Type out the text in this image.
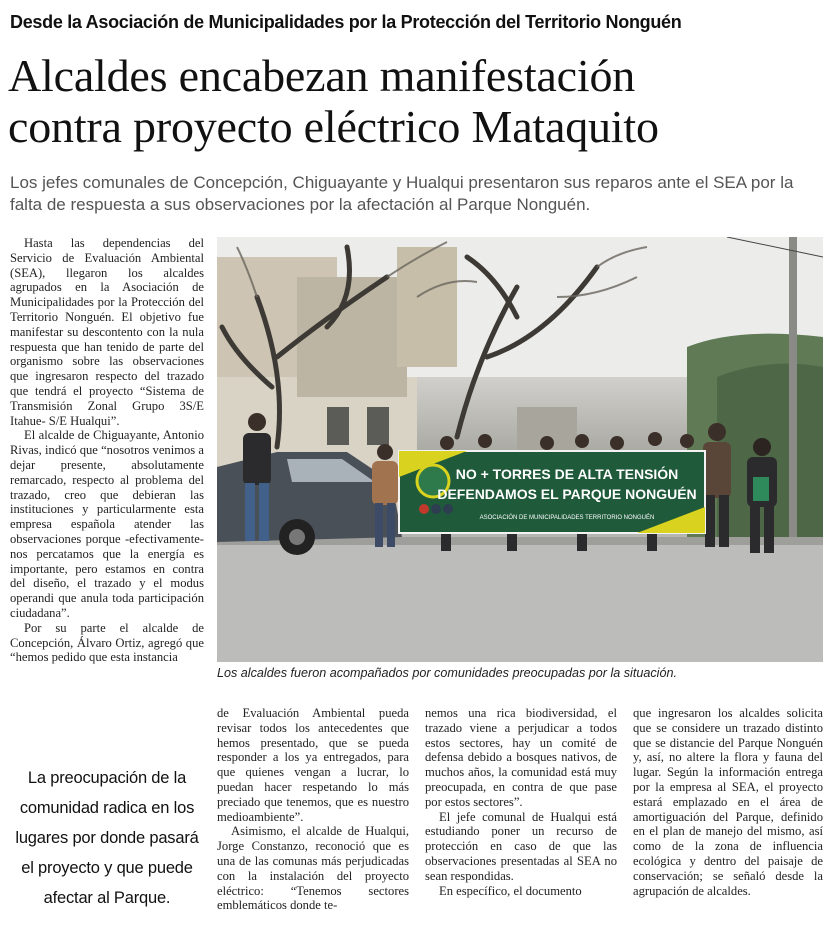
Desde la Asociación de Municipalidades por la Protección del Territorio Nonguén
Alcaldes encabezan manifestación
contra proyecto eléctrico Mataquito
Los jefes comunales de Concepción, Chiguayante y Hualqui presentaron sus reparos ante el SEA por la falta de respuesta a sus observaciones por la afectación al Parque Nonguén.

Hasta las dependencias del Servicio de Evaluación Ambiental (SEA), llegaron los alcaldes agrupados en la Asociación de Municipalidades por la Protección del Territorio Nonguén. El objetivo fue manifestar su descontento con la nula respuesta que han tenido de parte del organismo sobre las observaciones que ingresaron respecto del trazado que tendrá el proyecto “Sistema de Transmisión Zonal Grupo 3S/E Itahue- S/E Hualqui”.

El alcalde de Chiguayante, Antonio Rivas, indicó que “nosotros venimos a dejar presente, absolutamente remarcado, respecto al problema del trazado, creo que debieran las instituciones y particularmente esta empresa española atender las observaciones porque -efectivamente- nos percatamos que la energía es importante, pero estamos en contra del diseño, el trazado y el modus operandi que anula toda participación ciudadana”.

Por su parte el alcalde de Concepción, Álvaro Ortiz, agregó que “hemos pedido que esta instancia

NO + TORRES DE ALTA TENSIÓN
DEFENDAMOS EL PARQUE NONGUÉN
ASOCIACIÓN DE MUNICIPALIDADES TERRITORIO NONGUÉN
Los alcaldes fueron acompañados por comunidades preocupadas por la situación.
La preocupación de la comunidad radica en los lugares por donde pasará el proyecto y que puede afectar al Parque.

de Evaluación Ambiental pueda revisar todos los antecedentes que hemos presentado, que se pueda responder a los ya entregados, para que quienes vengan a lucrar, lo puedan hacer respetando lo más preciado que tenemos, que es nuestro medioambiente”.

Asimismo, el alcalde de Hualqui, Jorge Constanzo, reconoció que es una de las comunas más perjudicadas con la instalación del proyecto eléctrico: “Tenemos sectores emblemáticos donde te-

nemos una rica biodiversidad, el trazado viene a perjudicar a todos estos sectores, hay un comité de defensa debido a bosques nativos, de muchos años, la comunidad está muy preocupada, en contra de que pase por estos sectores”.

El jefe comunal de Hualqui está estudiando poner un recurso de protección en caso de que las observaciones presentadas al SEA no sean respondidas.

En específico, el documento

que ingresaron los alcaldes solicita que se considere un trazado distinto que se distancie del Parque Nonguén y, así, no altere la flora y fauna del lugar. Según la información entrega por la empresa al SEA, el proyecto estará emplazado en el área de amortiguación del Parque, definido en el plan de manejo del mismo, así como de la zona de influencia ecológica y dentro del paisaje de conservación; se señaló desde la agrupación de alcaldes.
